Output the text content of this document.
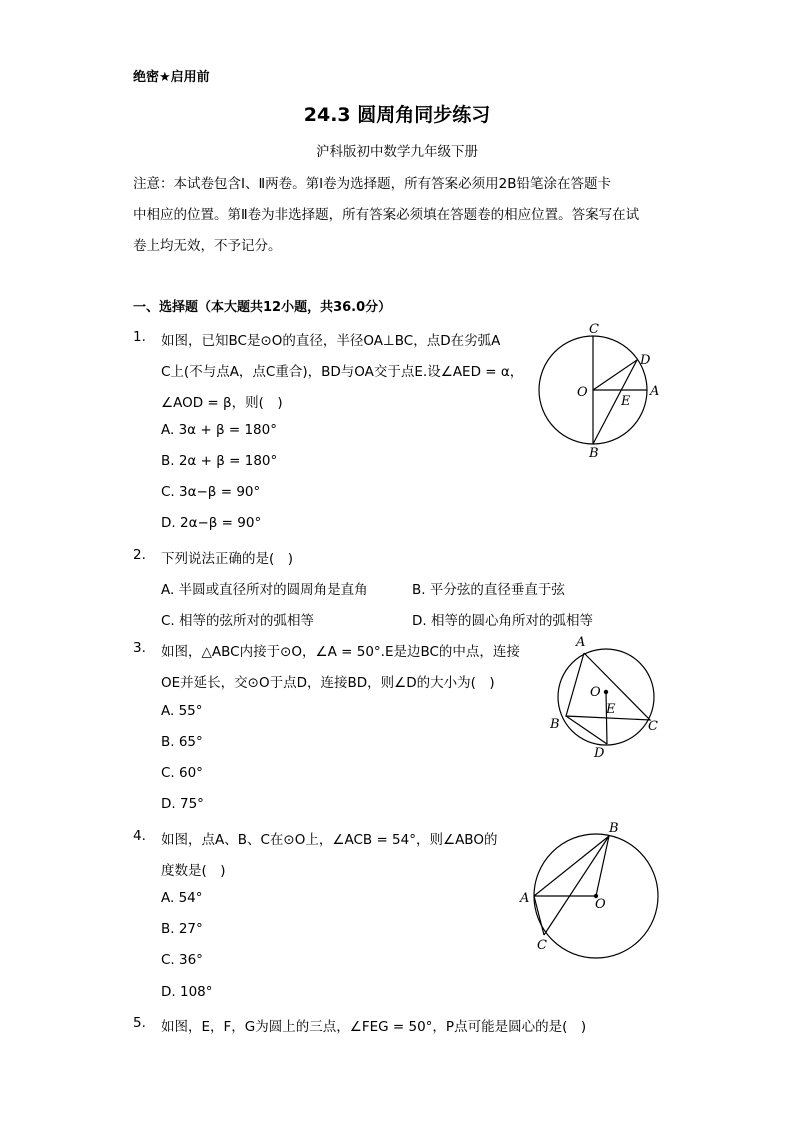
绝密★启用前
24.3 圆周角同步练习
沪科版初中数学九年级下册
注意：本试卷包含Ⅰ、Ⅱ两卷。第Ⅰ卷为选择题，所有答案必须用2B铅笔涂在答题卡
中相应的位置。第Ⅱ卷为非选择题，所有答案必须填在答题卷的相应位置。答案写在试
卷上均无效，不予记分。
一、选择题（本大题共12小题，共36.0分）
1. 如图，已知BC是⊙O的直径，半径OA⊥BC，点D在劣弧A
C上(不与点A，点C重合)，BD与OA交于点E.设∠AED = α，
∠AOD = β，则(　)
A. 3α + β = 180°
B. 2α + β = 180°
C. 3α−β = 90°
D. 2α−β = 90°
C
D
O
E
A
B
2. 下列说法正确的是(　)
A. 半圆或直径所对的圆周角是直角	B. 平分弦的直径垂直于弦
C. 相等的弦所对的弧相等	D. 相等的圆心角所对的弧相等
3. 如图，△ABC内接于⊙O，∠A = 50°.E是边BC的中点，连接
OE并延长，交⊙O于点D，连接BD，则∠D的大小为(　)
A. 55°
B. 65°
C. 60°
D. 75°
A
O
E
B	C
D
4. 如图，点A、B、C在⊙O上，∠ACB = 54°，则∠ABO的
度数是(　)
A. 54°
B. 27°
C. 36°
D. 108°
B
A	O
C
5. 如图，E，F，G为圆上的三点，∠FEG = 50°，P点可能是圆心的是(　)
